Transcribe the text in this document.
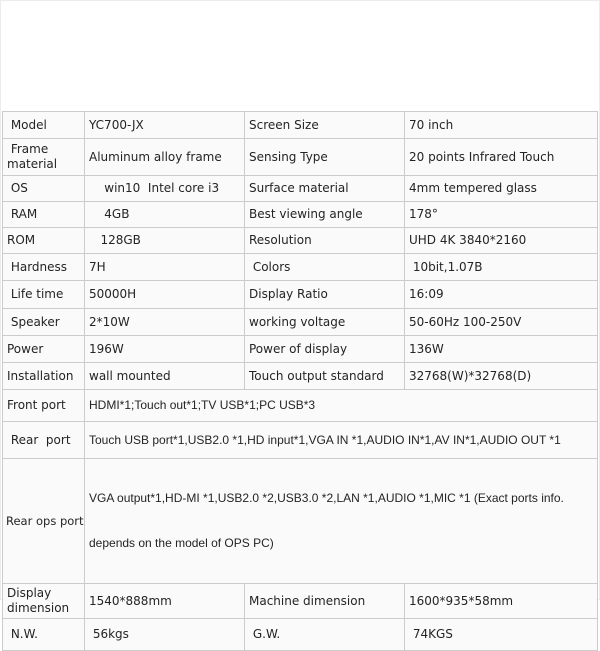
Model	YC700-JX	Screen Size	70 inch
Frame material	Aluminum alloy frame	Sensing Type	20 points Infrared Touch
OS	win10  Intel core i3	Surface material	4mm tempered glass
RAM	4GB	Best viewing angle	178°
ROM	128GB	Resolution	UHD 4K 3840*2160
Hardness	7H	Colors	10bit,1.07B
Life time	50000H	Display Ratio	16:09
Speaker	2*10W	working voltage	50-60Hz 100-250V
Power	196W	Power of display	136W
Installation	wall mounted	Touch output standard	32768(W)*32768(D)
Front port	HDMI*1;Touch out*1;TV USB*1;PC USB*3		
Rear  port	Touch USB port*1,USB2.0 *1,HD input*1,VGA IN *1,AUDIO IN*1,AV IN*1,AUDIO OUT *1		
Rear ops port	VGA output*1,HD-MI *1,USB2.0 *2,USB3.0 *2,LAN *1,AUDIO *1,MIC *1 (Exact ports info.

depends on the model of OPS PC)		

Display dimension	1540*888mm	Machine dimension	1600*935*58mm
N.W.	56kgs	G.W.	74KGS
